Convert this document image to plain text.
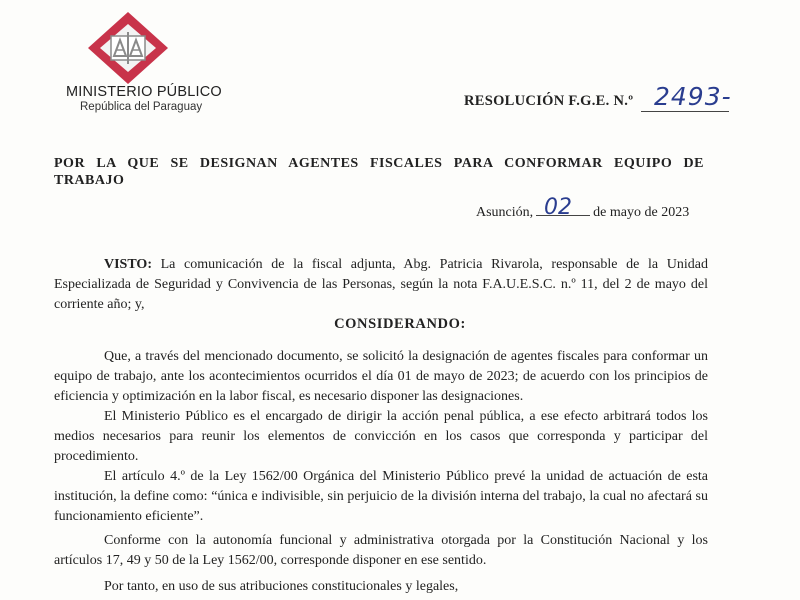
MINISTERIO PÚBLICO
República del Paraguay	RESOLUCIÓN F.G.E. N.º 2493-
POR LA QUE SE DESIGNAN AGENTES FISCALES PARA CONFORMAR EQUIPO DE TRABAJO
Asunción,	de mayo de 2023
02

VISTO: La comunicación de la fiscal adjunta, Abg. Patricia Rivarola, responsable de la Unidad Especializada de Seguridad y Convivencia de las Personas, según la nota F.A.U.E.S.C. n.º 11, del 2 de mayo del corriente año; y,

CONSIDERANDO:

Que, a través del mencionado documento, se solicitó la designación de agentes fiscales para conformar un equipo de trabajo, ante los acontecimientos ocurridos el día 01 de mayo de 2023; de acuerdo con los principios de eficiencia y optimización en la labor fiscal, es necesario disponer las designaciones.

El Ministerio Público es el encargado de dirigir la acción penal pública, a ese efecto arbitrará todos los medios necesarios para reunir los elementos de convicción en los casos que corresponda y participar del procedimiento.

El artículo 4.º de la Ley 1562/00 Orgánica del Ministerio Público prevé la unidad de actuación de esta institución, la define como: “única e indivisible, sin perjuicio de la división interna del trabajo, la cual no afectará su funcionamiento eficiente”.

Conforme con la autonomía funcional y administrativa otorgada por la Constitución Nacional y los artículos 17, 49 y 50 de la Ley 1562/00, corresponde disponer en ese sentido.

Por tanto, en uso de sus atribuciones constitucionales y legales,
